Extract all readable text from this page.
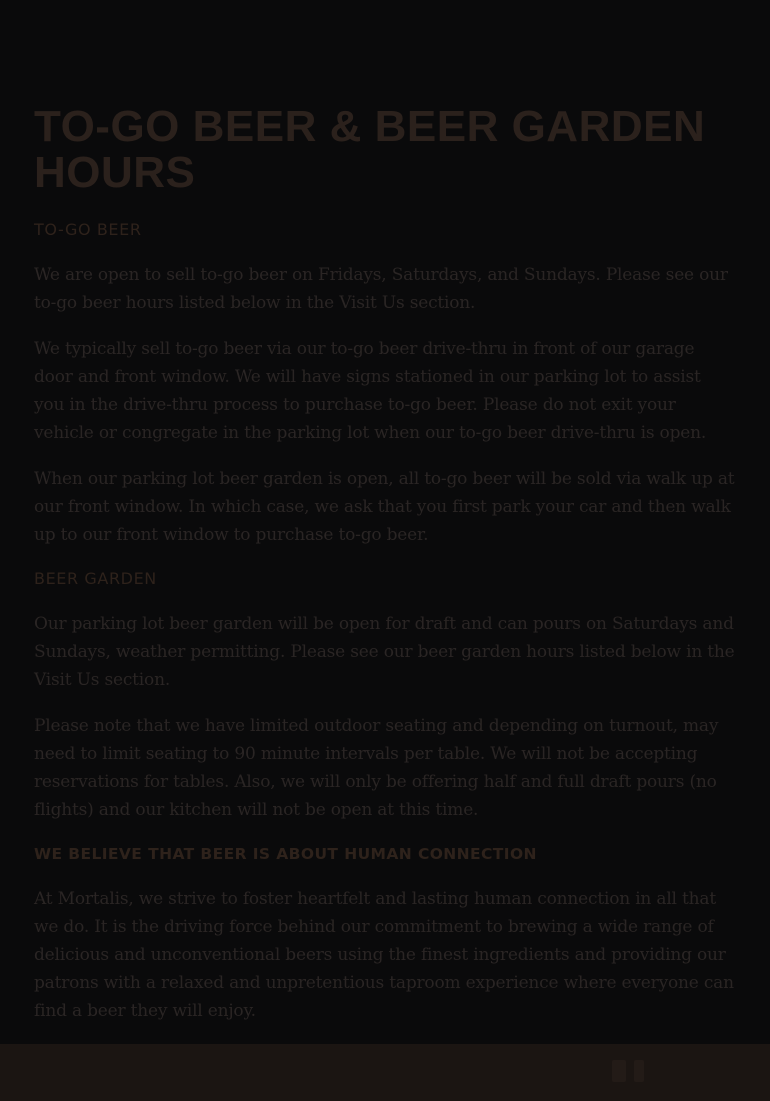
TO-GO BEER & BEER GARDEN HOURS
TO-GO BEER

We are open to sell to-go beer on Fridays, Saturdays, and Sundays. Please see our to-go beer hours listed below in the Visit Us section.

We typically sell to-go beer via our to-go beer drive-thru in front of our garage door and front window. We will have signs stationed in our parking lot to assist you in the drive-thru process to purchase to-go beer. Please do not exit your vehicle or congregate in the parking lot when our to-go beer drive-thru is open.

When our parking lot beer garden is open, all to-go beer will be sold via walk up at our front window. In which case, we ask that you first park your car and then walk up to our front window to purchase to-go beer.

BEER GARDEN

Our parking lot beer garden will be open for draft and can pours on Saturdays and Sundays, weather permitting. Please see our beer garden hours listed below in the Visit Us section.

Please note that we have limited outdoor seating and depending on turnout, may need to limit seating to 90 minute intervals per table. We will not be accepting reservations for tables. Also, we will only be offering half and full draft pours (no flights) and our kitchen will not be open at this time.

WE BELIEVE THAT BEER IS ABOUT HUMAN CONNECTION

At Mortalis, we strive to foster heartfelt and lasting human connection in all that we do. It is the driving force behind our commitment to brewing a wide range of delicious and unconventional beers using the finest ingredients and providing our patrons with a relaxed and unpretentious taproom experience where everyone can find a beer they will enjoy.
